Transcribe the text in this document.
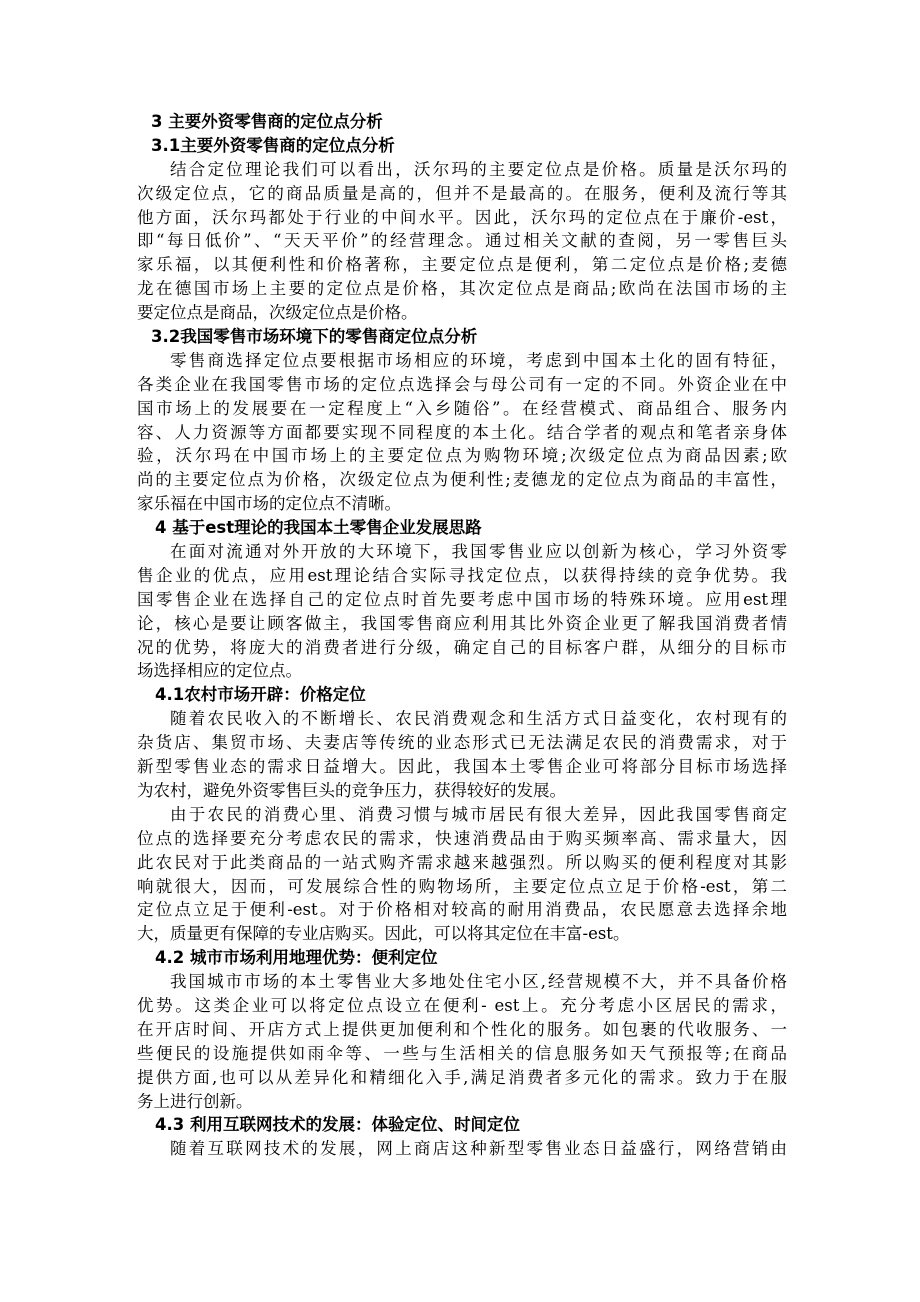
3 主要外资零售商的定位点分析
3.1主要外资零售商的定位点分析
结合定位理论我们可以看出，沃尔玛的主要定位点是价格。质量是沃尔玛的
次级定位点，它的商品质量是高的，但并不是最高的。在服务，便利及流行等其
他方面，沃尔玛都处于行业的中间水平。因此，沃尔玛的定位点在于廉价-est，
即“每日低价”、“天天平价”的经营理念。通过相关文献的查阅，另一零售巨头
家乐福，以其便利性和价格著称，主要定位点是便利，第二定位点是价格;麦德
龙在德国市场上主要的定位点是价格，其次定位点是商品;欧尚在法国市场的主
要定位点是商品，次级定位点是价格。
3.2我国零售市场环境下的零售商定位点分析
零售商选择定位点要根据市场相应的环境，考虑到中国本土化的固有特征，
各类企业在我国零售市场的定位点选择会与母公司有一定的不同。外资企业在中
国市场上的发展要在一定程度上“入乡随俗”。在经营模式、商品组合、服务内
容、人力资源等方面都要实现不同程度的本土化。结合学者的观点和笔者亲身体
验，沃尔玛在中国市场上的主要定位点为购物环境;次级定位点为商品因素;欧
尚的主要定位点为价格，次级定位点为便利性;麦德龙的定位点为商品的丰富性，
家乐福在中国市场的定位点不清晰。
4 基于est理论的我国本土零售企业发展思路
在面对流通对外开放的大环境下，我国零售业应以创新为核心，学习外资零
售企业的优点，应用est理论结合实际寻找定位点，以获得持续的竞争优势。我
国零售企业在选择自己的定位点时首先要考虑中国市场的特殊环境。应用est理
论，核心是要让顾客做主，我国零售商应利用其比外资企业更了解我国消费者情
况的优势，将庞大的消费者进行分级，确定自己的目标客户群，从细分的目标市
场选择相应的定位点。
4.1农村市场开辟：价格定位
随着农民收入的不断增长、农民消费观念和生活方式日益变化，农村现有的
杂货店、集贸市场、夫妻店等传统的业态形式已无法满足农民的消费需求，对于
新型零售业态的需求日益增大。因此，我国本土零售企业可将部分目标市场选择
为农村，避免外资零售巨头的竞争压力，获得较好的发展。
由于农民的消费心里、消费习惯与城市居民有很大差异，因此我国零售商定
位点的选择要充分考虑农民的需求，快速消费品由于购买频率高、需求量大，因
此农民对于此类商品的一站式购齐需求越来越强烈。所以购买的便利程度对其影
响就很大，因而，可发展综合性的购物场所，主要定位点立足于价格-est，第二
定位点立足于便利-est。对于价格相对较高的耐用消费品，农民愿意去选择余地
大，质量更有保障的专业店购买。因此，可以将其定位在丰富-est。
4.2 城市市场利用地理优势：便利定位
我国城市市场的本土零售业大多地处住宅小区,经营规模不大，并不具备价格
优势。这类企业可以将定位点设立在便利- est上。充分考虑小区居民的需求，
在开店时间、开店方式上提供更加便利和个性化的服务。如包裹的代收服务、一
些便民的设施提供如雨伞等、一些与生活相关的信息服务如天气预报等;在商品
提供方面,也可以从差异化和精细化入手,满足消费者多元化的需求。致力于在服
务上进行创新。
4.3 利用互联网技术的发展：体验定位、时间定位
随着互联网技术的发展，网上商店这种新型零售业态日益盛行，网络营销由
